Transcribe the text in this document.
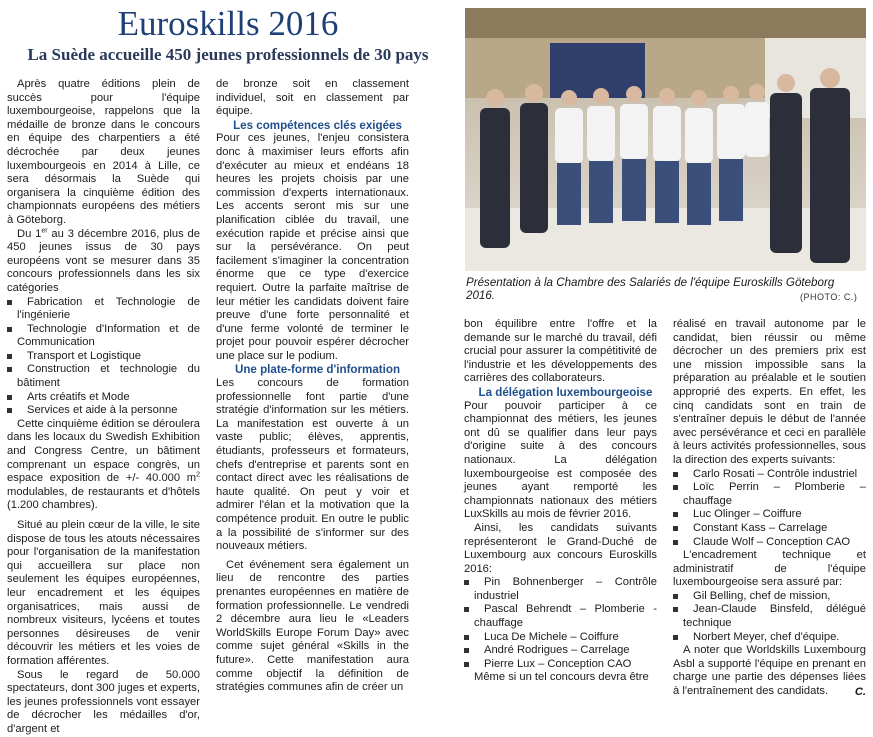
Euroskills 2016
La Suède accueille 450 jeunes professionnels de 30 pays

Après quatre éditions plein de succès pour l'équipe luxembourgeoise, rappelons que la médaille de bronze dans le concours en équipe des charpentiers a été décrochée par deux jeunes luxembourgeois en 2014 à Lille, ce sera désormais la Suède qui organisera la cinquième édition des championnats européens des métiers à Göteborg.

Du 1er au 3 décembre 2016, plus de 450 jeunes issus de 30 pays européens vont se mesurer dans 35 concours professionnels dans les six catégories

Fabrication et Technologie de l'ingénierie

Technologie d'Information et de Communication

Transport et Logistique

Construction et technologie du bâtiment

Arts créatifs et Mode

Services et aide à la personne

Cette cinquième édition se déroulera dans les locaux du Swedish Exhibition and Congress Centre, un bâtiment comprenant un espace congrès, un espace exposition de +/- 40.000 $m^2$ modulables, de restaurants et d'hôtels (1.200 chambres).

Situé au plein cœur de la ville, le site dispose de tous les atouts nécessaires pour l'organisation de la manifestation qui accueillera sur place non seulement les équipes européennes, leur encadrement et les équipes organisatrices, mais aussi de nombreux visiteurs, lycéens et toutes personnes désireuses de venir découvrir les métiers et les voies de formation afférentes.

Sous le regard de 50.000 spectateurs, dont 300 juges et experts, les jeunes professionnels vont essayer de décrocher les médailles d'or, d'argent et

de bronze soit en classement individuel, soit en classement par équipe.

Les compétences clés exigées

Pour ces jeunes, l'enjeu consistera donc à maximiser leurs efforts afin d'exécuter au mieux et endéans 18 heures les projets choisis par une commission d'experts internationaux. Les accents seront mis sur une planification ciblée du travail, une exécution rapide et précise ainsi que sur la persévérance. On peut facilement s'imaginer la concentration énorme que ce type d'exercice requiert. Outre la parfaite maîtrise de leur métier les candidats doivent faire preuve d'une forte personnalité et d'une ferme volonté de terminer le projet pour pouvoir espérer décrocher une place sur le podium.

Une plate-forme d'information

Les concours de formation professionnelle font partie d'une stratégie d'information sur les métiers. La manifestation est ouverte à un vaste public; élèves, apprentis, étudiants, professeurs et formateurs, chefs d'entreprise et parents sont en contact direct avec les réalisations de haute qualité. On peut y voir et admirer l'élan et la motivation que la compétence produit. En outre le public a la possibilité de s'informer sur des nouveaux métiers.

Cet événement sera également un lieu de rencontre des parties prenantes européennes en matière de formation professionnelle. Le vendredi 2 décembre aura lieu le «Leaders WorldSkills Europe Forum Day» avec comme sujet général «Skills in the future». Cette manifestation aura comme objectif la définition de stratégies communes afin de créer un

Présentation à la Chambre des Salariés de l'équipe Euroskills Göteborg 2016.	(PHOTO: C.)

bon équilibre entre l'offre et la demande sur le marché du travail, défi crucial pour assurer la compétitivité de l'industrie et les développements des carrières des collaborateurs.

La délégation luxembourgeoise

Pour pouvoir participer à ce championnat des métiers, les jeunes ont dû se qualifier dans leur pays d'origine suite à des concours nationaux. La délégation luxembourgeoise est composée des jeunes ayant remporté les championnats nationaux des métiers LuxSkills au mois de février 2016.

Ainsi, les candidats suivants représenteront le Grand-Duché de Luxembourg aux concours Euroskills 2016:

Pin Bohnenberger – Contrôle industriel

Pascal Behrendt – Plomberie - chauffage

Luca De Michele – Coiffure

André Rodrigues – Carrelage

Pierre Lux – Conception CAO

Même si un tel concours devra être

réalisé en travail autonome par le candidat, bien réussir ou même décrocher un des premiers prix est une mission impossible sans la préparation au préalable et le soutien approprié des experts. En effet, les cinq candidats sont en train de s'entraîner depuis le début de l'année avec persévérance et ceci en parallèle à leurs activités professionnelles, sous la direction des experts suivants:

Carlo Rosati – Contrôle industriel

Loïc Perrin – Plomberie – chauffage

Luc Olinger – Coiffure

Constant Kass – Carrelage

Claude Wolf – Conception CAO

L'encadrement technique et administratif de l'équipe luxembourgeoise sera assuré par:

Gil Belling, chef de mission,

Jean-Claude Binsfeld, délégué technique

Norbert Meyer, chef d'équipe.

A noter que Worldskills Luxembourg Asbl a supporté l'équipe en prenant en charge une partie des dépenses liées à l'entraînement des candidats.	C.
